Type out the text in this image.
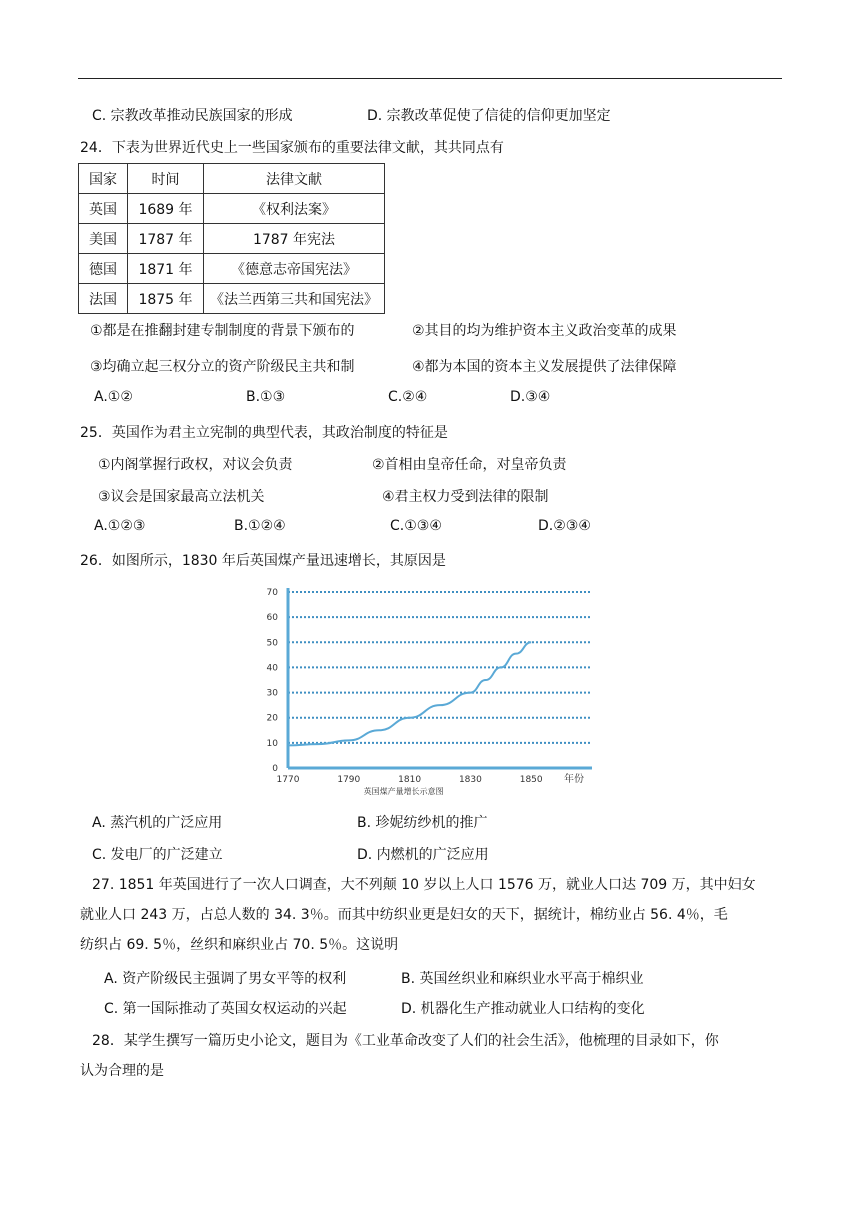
C. 宗教改革推动民族国家的形成	D. 宗教改革促使了信徒的信仰更加坚定
24．下表为世界近代史上一些国家颁布的重要法律文献，其共同点有
国家	时间	法律文献
英国	1689 年	《权利法案》
美国	1787 年	1787 年宪法
德国	1871 年	《德意志帝国宪法》
法国	1875 年	《法兰西第三共和国宪法》
①都是在推翻封建专制制度的背景下颁布的	②其目的均为维护资本主义政治变革的成果
③均确立起三权分立的资产阶级民主共和制	④都为本国的资本主义发展提供了法律保障
A.①②	B.①③	C.②④	D.③④
25．英国作为君主立宪制的典型代表，其政治制度的特征是
①内阁掌握行政权，对议会负责	②首相由皇帝任命，对皇帝负责
③议会是国家最高立法机关	④君主权力受到法律的限制
A.①②③	B.①②④	C.①③④	D.②③④
26．如图所示，1830 年后英国煤产量迅速增长，其原因是
0
10
20
30
40
50
60
70
1770	1790	1810	1830	1850 年份
英国煤产量增长示意图
A. 蒸汽机的广泛应用	B. 珍妮纺纱机的推广
C. 发电厂的广泛建立	D. 内燃机的广泛应用
27. 1851 年英国进行了一次人口调查，大不列颠 10 岁以上人口 1576 万，就业人口达 709 万，其中妇女
就业人口 243 万，占总人数的 34. 3％。而其中纺织业更是妇女的天下，据统计，棉纺业占 56. 4％，毛
纺织占 69. 5％，丝织和麻织业占 70. 5％。这说明
A. 资产阶级民主强调了男女平等的权利	B. 英国丝织业和麻织业水平高于棉织业
C. 第一国际推动了英国女权运动的兴起	D. 机器化生产推动就业人口结构的变化
28．某学生撰写一篇历史小论文，题目为《工业革命改变了人们的社会生活》，他梳理的目录如下，你
认为合理的是
